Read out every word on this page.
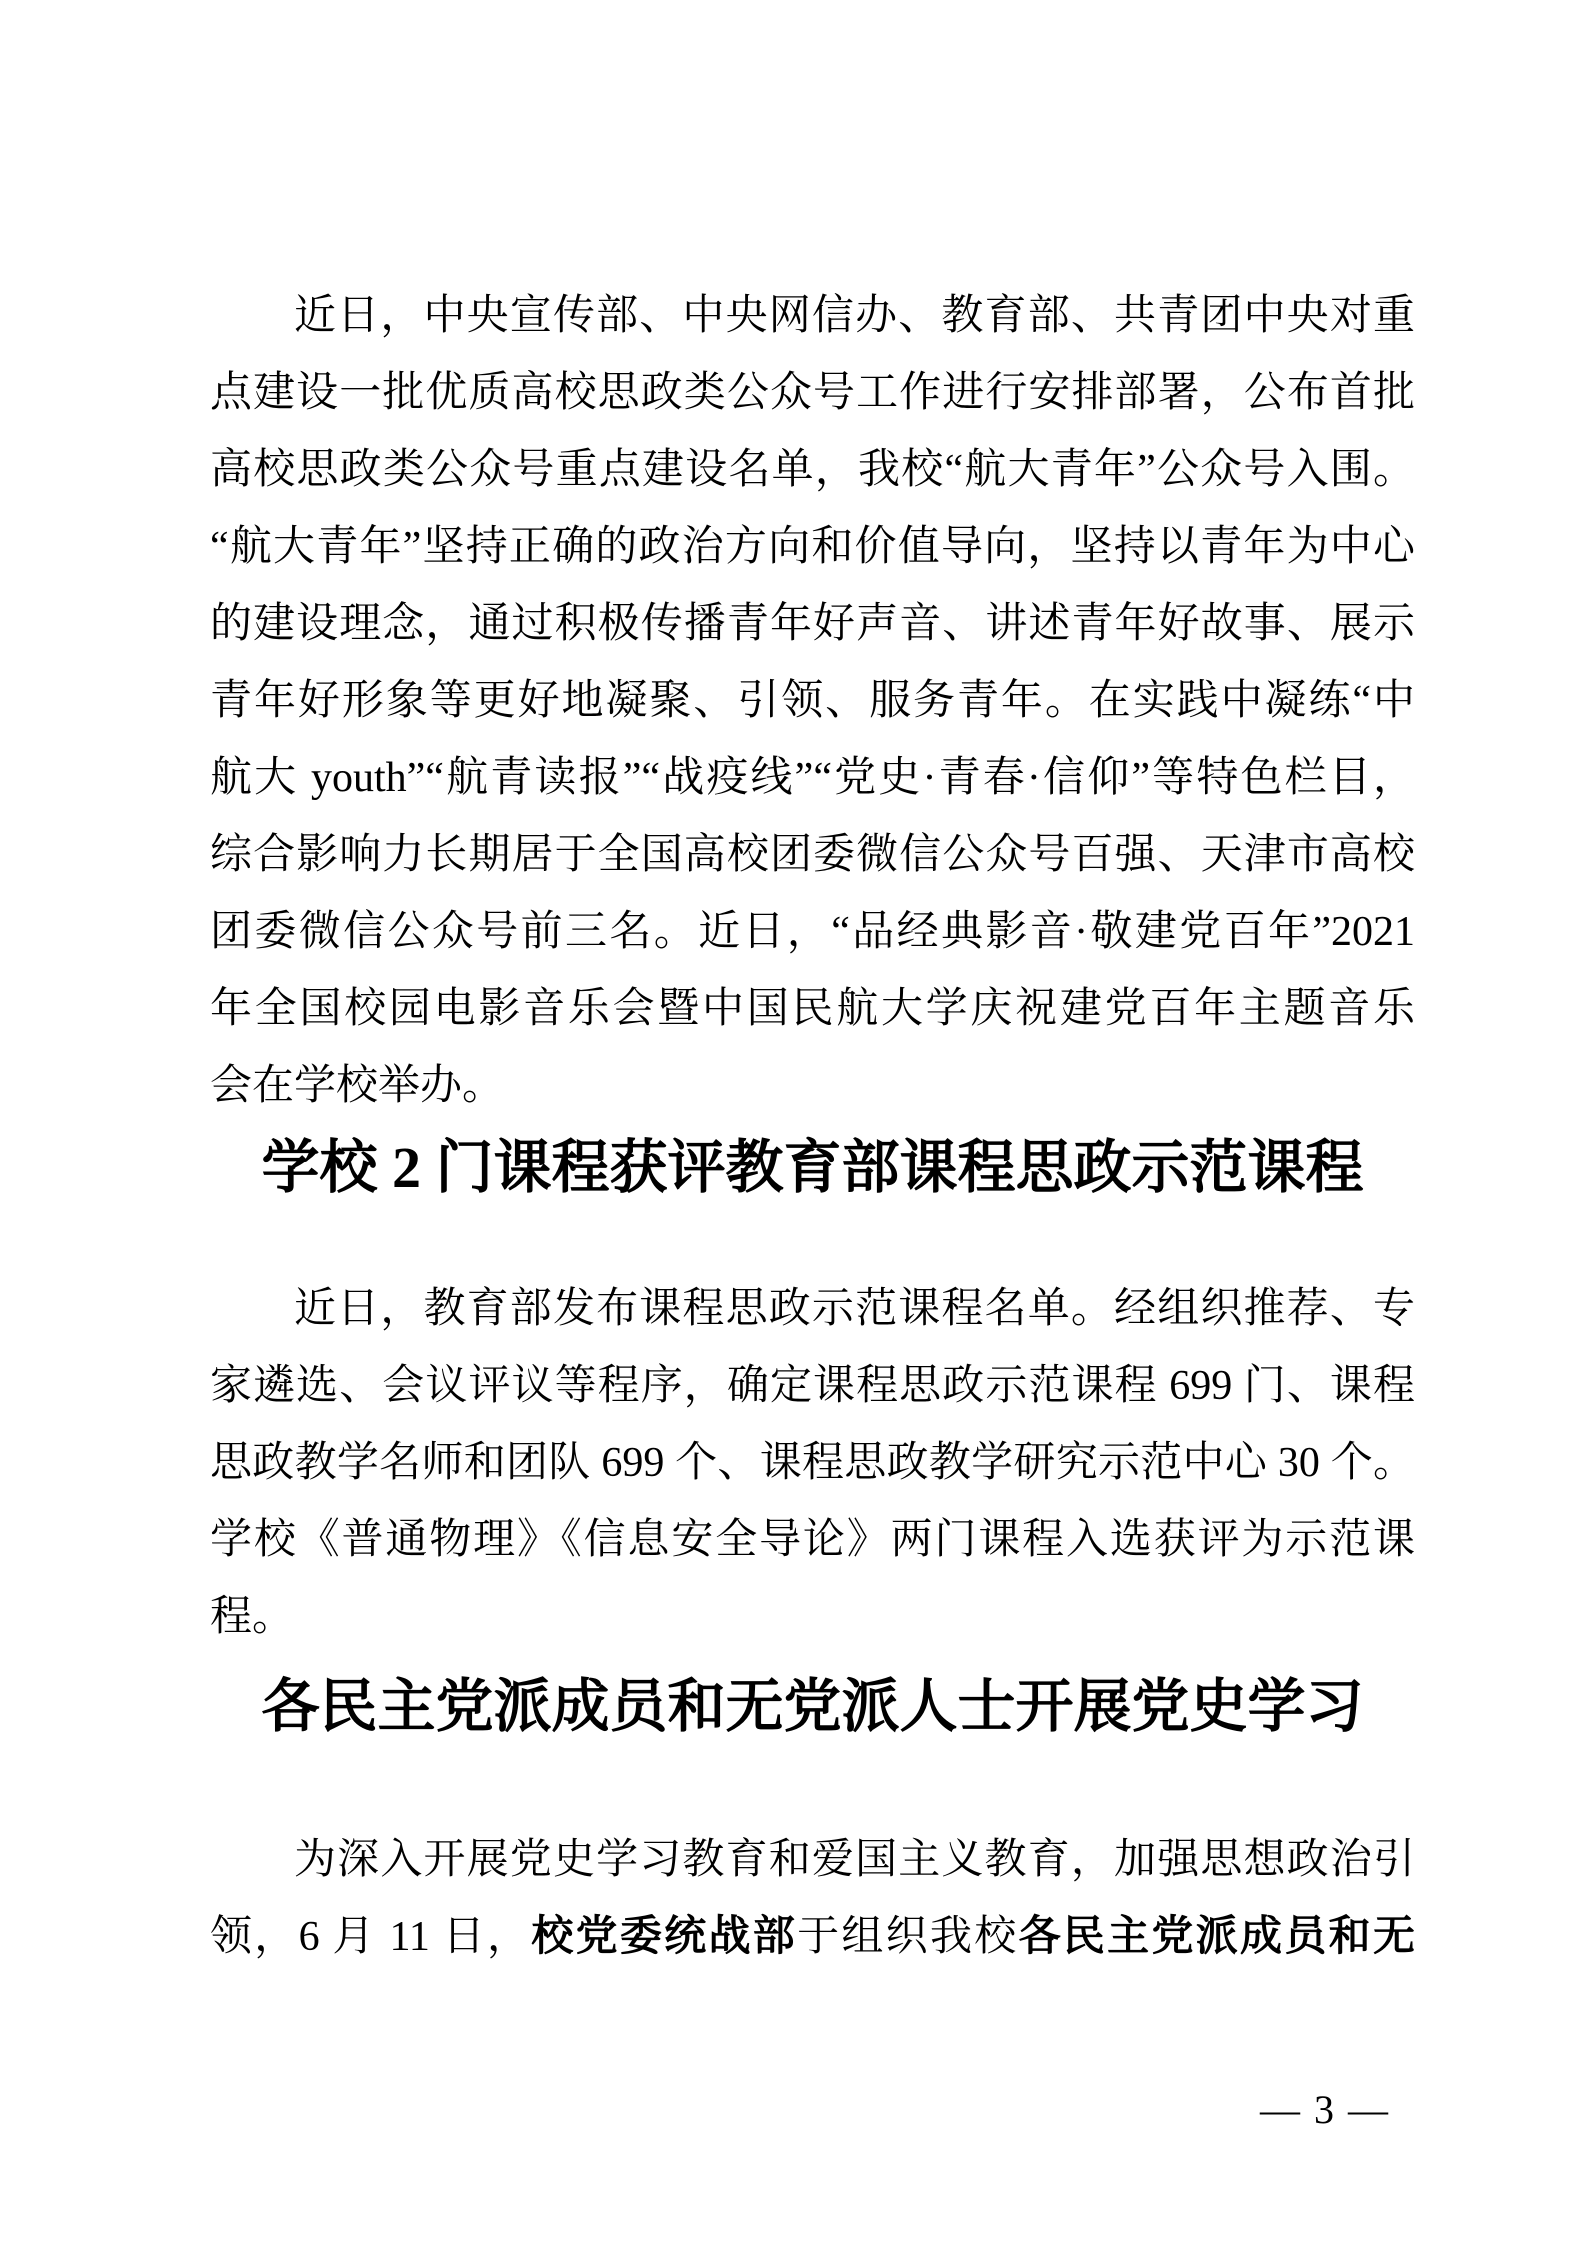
近日，中央宣传部、中央网信办、教育部、共青团中央对重
点建设一批优质高校思政类公众号工作进行安排部署，公布首批
高校思政类公众号重点建设名单，我校“航大青年”公众号入围。
“航大青年”坚持正确的政治方向和价值导向，坚持以青年为中心
的建设理念，通过积极传播青年好声音、讲述青年好故事、展示
青年好形象等更好地凝聚、引领、服务青年。在实践中凝练“中
航大 youth”“航青读报”“战疫线”“党史·青春·信仰”等特色栏目，
综合影响力长期居于全国高校团委微信公众号百强、天津市高校
团委微信公众号前三名。近日，“品经典影音·敬建党百年”2021
年全国校园电影音乐会暨中国民航大学庆祝建党百年主题音乐
会在学校举办。
学校 2 门课程获评教育部课程思政示范课程
近日，教育部发布课程思政示范课程名单。经组织推荐、专
家遴选、会议评议等程序，确定课程思政示范课程 699 门、课程
思政教学名师和团队 699 个、课程思政教学研究示范中心 30 个。
学校《普通物理》《信息安全导论》两门课程入选获评为示范课
程。
各民主党派成员和无党派人士开展党史学习
为深入开展党史学习教育和爱国主义教育，加强思想政治引
领，6 月 11 日，校党委统战部于组织我校各民主党派成员和无
— 3 —
